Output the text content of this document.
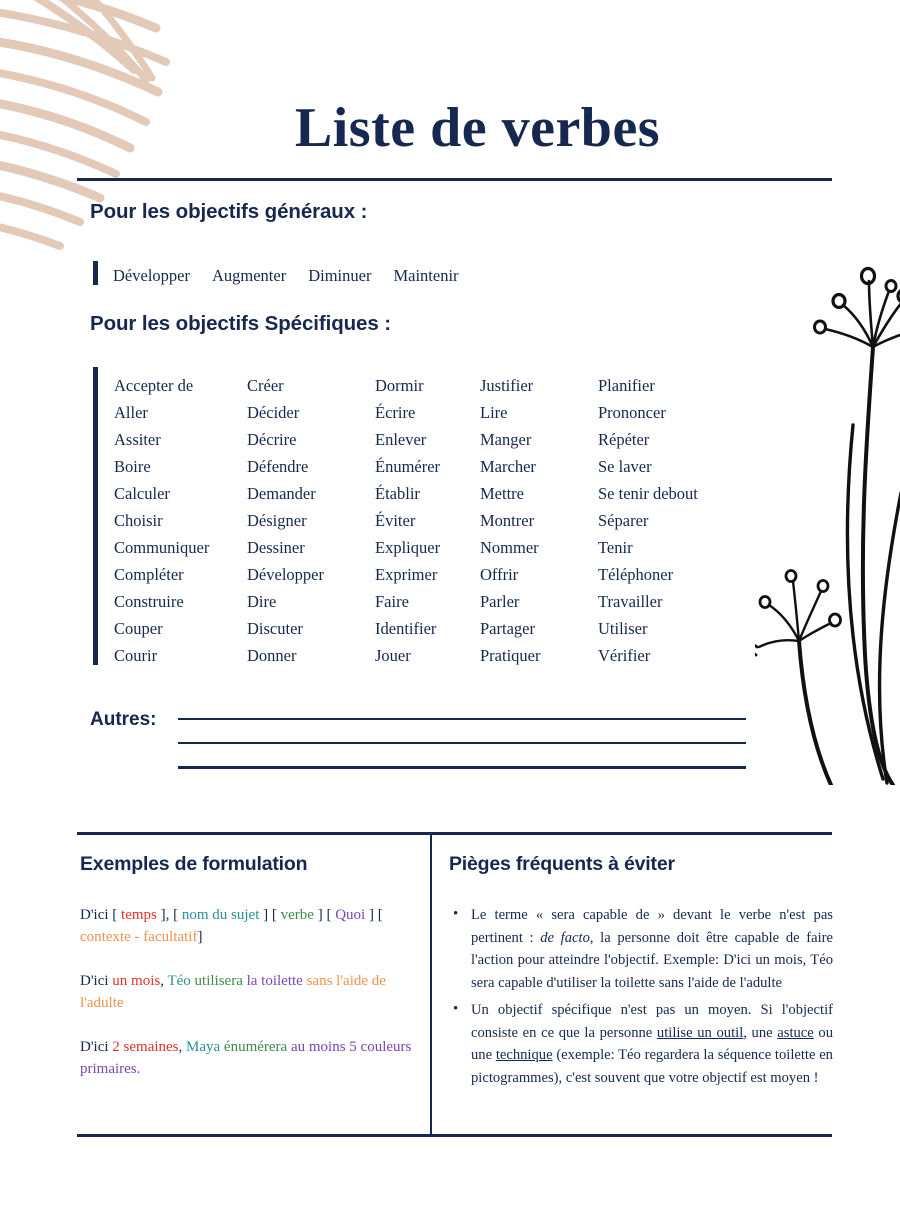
Liste de verbes
Pour les objectifs généraux :
Développer Augmenter Diminuer Maintenir
Pour les objectifs Spécifiques :
Accepter de
Aller
Assiter
Boire
Calculer
Choisir
Communiquer
Compléter
Construire
Couper
Courir
Créer
Décider
Décrire
Défendre
Demander
Désigner
Dessiner
Développer
Dire
Discuter
Donner
Dormir
Écrire
Enlever
Énumérer
Établir
Éviter
Expliquer
Exprimer
Faire
Identifier
Jouer
Justifier
Lire
Manger
Marcher
Mettre
Montrer
Nommer
Offrir
Parler
Partager
Pratiquer
Planifier
Prononcer
Répéter
Se laver
Se tenir debout
Séparer
Tenir
Téléphoner
Travailler
Utiliser
Vérifier
Autres:
Exemples de formulation
D'ici [ temps ], [ nom du sujet ] [ verbe ] [ Quoi ] [ contexte - facultatif]
D'ici un mois, Téo utilisera la toilette sans l'aide de l'adulte
D'ici 2 semaines, Maya énumérera au moins 5 couleurs primaires.
Pièges fréquents à éviter
• Le terme « sera capable de » devant le verbe n'est pas pertinent : de facto, la personne doit être capable de faire l'action pour atteindre l'objectif. Exemple: D'ici un mois, Téo sera capable d'utiliser la toilette sans l'aide de l'adulte
• Un objectif spécifique n'est pas un moyen. Si l'objectif consiste en ce que la personne utilise un outil, une astuce ou une technique (exemple: Téo regardera la séquence toilette en pictogrammes), c'est souvent que votre objectif est moyen !
